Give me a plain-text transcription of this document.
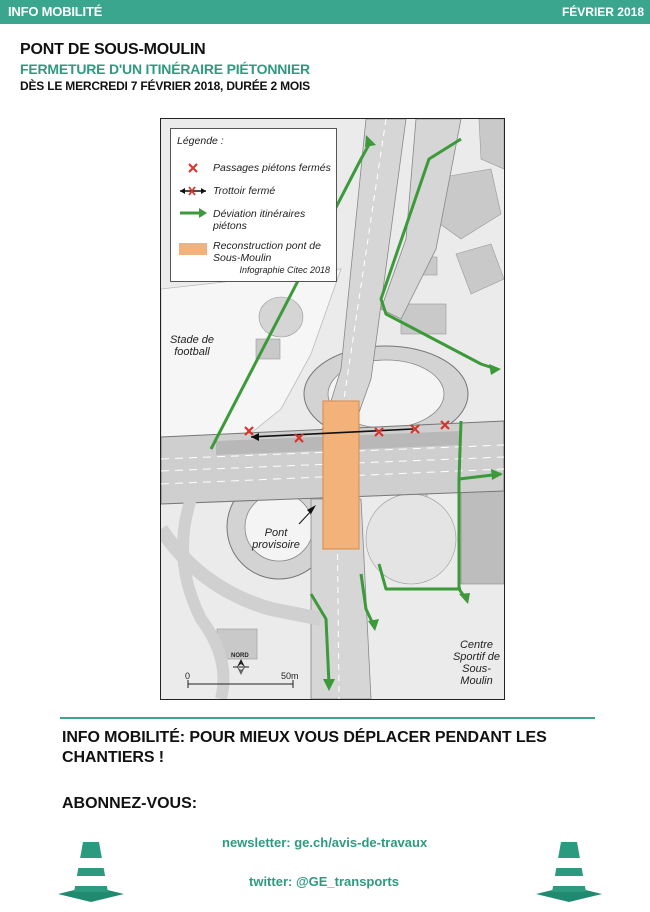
INFO MOBILITÉ	FÉVRIER 2018
PONT DE SOUS-MOULIN
FERMETURE D'UN ITINÉRAIRE PIÉTONNIER
DÈS LE MERCREDI 7 FÉVRIER 2018, DURÉE 2 MOIS
Légende :
Passages piétons fermés
Trottoir fermé
Déviation itinéraires piétons
Reconstruction pont de Sous-Moulin
Infographie Citec 2018
Stade de football
Pont provisoire
Centre Sportif de Sous-Moulin
NORD
0	50m
INFO MOBILITÉ: POUR MIEUX VOUS DÉPLACER PENDANT LES CHANTIERS !
ABONNEZ-VOUS:
newsletter: ge.ch/avis-de-travaux
twitter: @GE_transports
